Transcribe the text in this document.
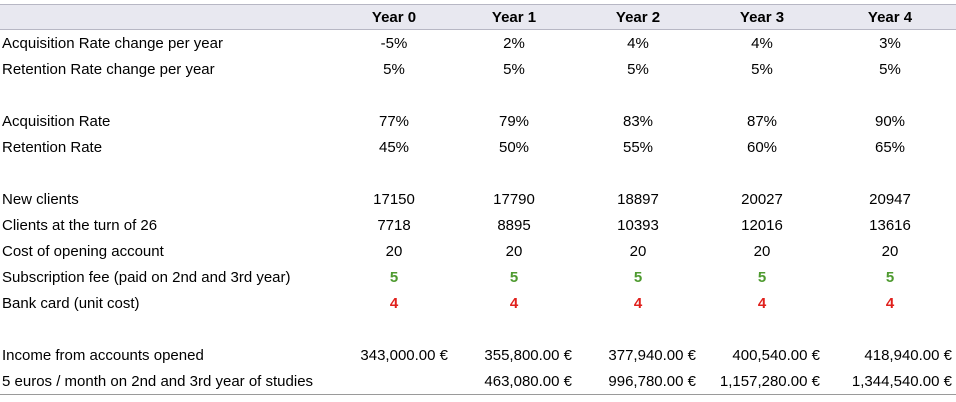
	Year 0	Year 1	Year 2	Year 3	Year 4
Acquisition Rate change per year	-5%	2%	4%	4%	3%
Retention Rate change per year	5%	5%	5%	5%	5%

Acquisition Rate	77%	79%	83%	87%	90%
Retention Rate	45%	50%	55%	60%	65%

New clients	17150	17790	18897	20027	20947
Clients at the turn of 26	7718	8895	10393	12016	13616
Cost of opening account	20	20	20	20	20
Subscription fee (paid on 2nd and 3rd year)	5	5	5	5	5
Bank card (unit cost)	4	4	4	4	4

Income from accounts opened	343,000.00 €	355,800.00 €	377,940.00 €	400,540.00 €	418,940.00 €
5 euros / month on 2nd and 3rd year of studies		463,080.00 €	996,780.00 €	1,157,280.00 €	1,344,540.00 €
